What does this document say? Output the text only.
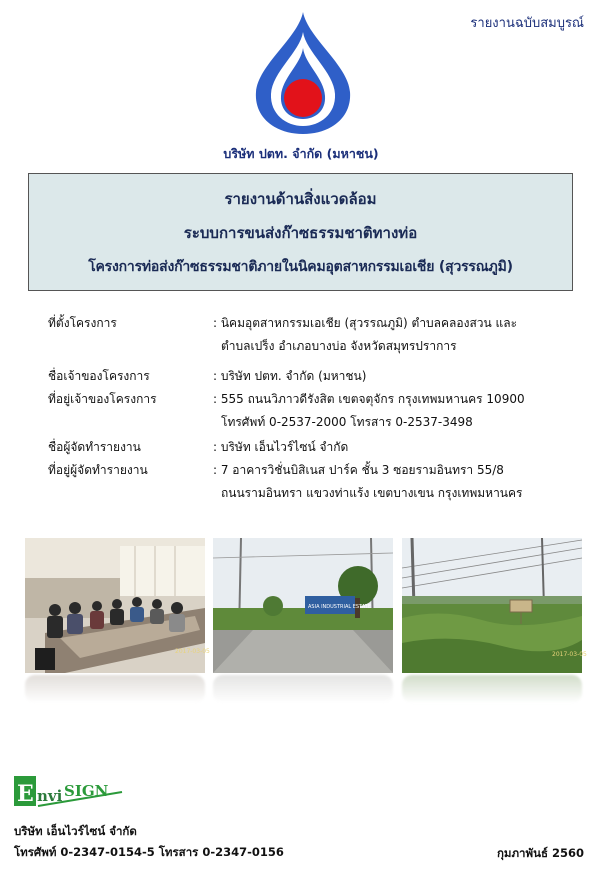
รายงานฉบับสมบูรณ์
บริษัท ปตท. จำกัด (มหาชน)
รายงานด้านสิ่งแวดล้อม
ระบบการขนส่งก๊าซธรรมชาติทางท่อ
โครงการท่อส่งก๊าซธรรมชาติภายในนิคมอุตสาหกรรมเอเชีย (สุวรรณภูมิ)
ที่ตั้งโครงการ	: นิคมอุตสาหกรรมเอเชีย (สุวรรณภูมิ) ตำบลคลองสวน และ
ตำบลเปร็ง อำเภอบางบ่อ จังหวัดสมุทรปราการ
ชื่อเจ้าของโครงการ	: บริษัท ปตท. จำกัด (มหาชน)
ที่อยู่เจ้าของโครงการ	: 555 ถนนวิภาวดีรังสิต เขตจตุจักร กรุงเทพมหานคร 10900
โทรศัพท์ 0-2537-2000 โทรสาร 0-2537-3498
ชื่อผู้จัดทำรายงาน	: บริษัท เอ็นไวร์ไซน์ จำกัด
ที่อยู่ผู้จัดทำรายงาน	: 7 อาคารวิชั่นบิสิเนส ปาร์ค ชั้น 3 ซอยรามอินทรา 55/8
ถนนรามอินทรา แขวงท่าแร้ง เขตบางเขน กรุงเทพมหานคร
2017-03-05
ASIA INDUSTRIAL ESTATE
2017-03-05
E nvi SIGN
บริษัท เอ็นไวร์ไซน์ จำกัด
โทรศัพท์ 0-2347-0154-5 โทรสาร 0-2347-0156	กุมภาพันธ์ 2560
